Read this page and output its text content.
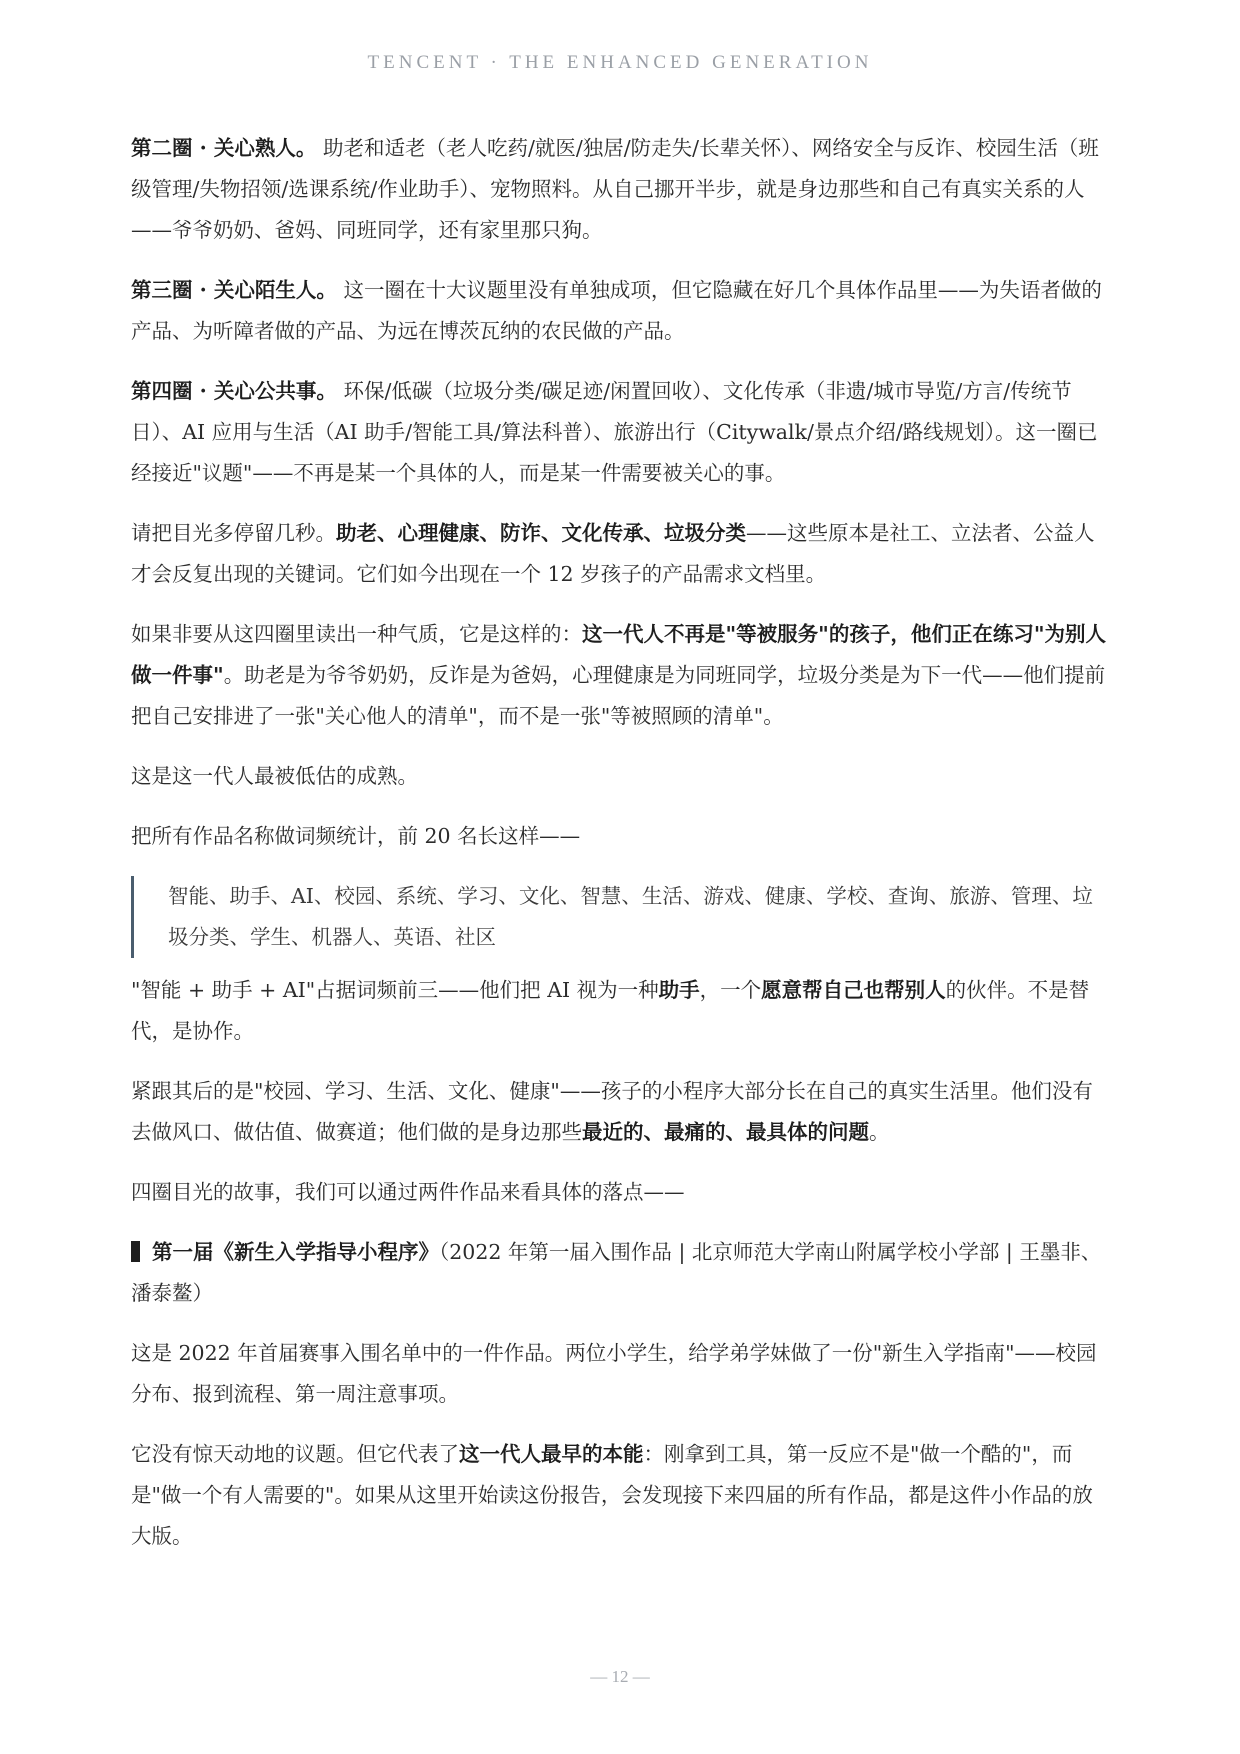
TENCENT · THE ENHANCED GENERATION

第二圈 · 关心熟人。 助老和适老（老人吃药/就医/独居/防走失/长辈关怀）、网络安全与反诈、校园生活（班级管理/失物招领/选课系统/作业助手）、宠物照料。从自己挪开半步，就是身边那些和自己有真实关系的人——爷爷奶奶、爸妈、同班同学，还有家里那只狗。

第三圈 · 关心陌生人。 这一圈在十大议题里没有单独成项，但它隐藏在好几个具体作品里——为失语者做的产品、为听障者做的产品、为远在博茨瓦纳的农民做的产品。

第四圈 · 关心公共事。 环保/低碳（垃圾分类/碳足迹/闲置回收）、文化传承（非遗/城市导览/方言/传统节日）、AI 应用与生活（AI 助手/智能工具/算法科普）、旅游出行（Citywalk/景点介绍/路线规划）。这一圈已经接近"议题"——不再是某一个具体的人，而是某一件需要被关心的事。

请把目光多停留几秒。助老、心理健康、防诈、文化传承、垃圾分类——这些原本是社工、立法者、公益人才会反复出现的关键词。它们如今出现在一个 12 岁孩子的产品需求文档里。

如果非要从这四圈里读出一种气质，它是这样的：这一代人不再是"等被服务"的孩子，他们正在练习"为别人做一件事"。助老是为爷爷奶奶，反诈是为爸妈，心理健康是为同班同学，垃圾分类是为下一代——他们提前把自己安排进了一张"关心他人的清单"，而不是一张"等被照顾的清单"。

这是这一代人最被低估的成熟。

把所有作品名称做词频统计，前 20 名长这样——

智能、助手、AI、校园、系统、学习、文化、智慧、生活、游戏、健康、学校、查询、旅游、管理、垃圾分类、学生、机器人、英语、社区

"智能 + 助手 + AI"占据词频前三——他们把 AI 视为一种助手，一个愿意帮自己也帮别人的伙伴。不是替代，是协作。

紧跟其后的是"校园、学习、生活、文化、健康"——孩子的小程序大部分长在自己的真实生活里。他们没有去做风口、做估值、做赛道；他们做的是身边那些最近的、最痛的、最具体的问题。

四圈目光的故事，我们可以通过两件作品来看具体的落点——

第一届《新生入学指导小程序》（2022 年第一届入围作品 | 北京师范大学南山附属学校小学部 | 王墨非、潘泰鳌）

这是 2022 年首届赛事入围名单中的一件作品。两位小学生，给学弟学妹做了一份"新生入学指南"——校园分布、报到流程、第一周注意事项。

它没有惊天动地的议题。但它代表了这一代人最早的本能：刚拿到工具，第一反应不是"做一个酷的"，而是"做一个有人需要的"。如果从这里开始读这份报告，会发现接下来四届的所有作品，都是这件小作品的放大版。

— 12 —
